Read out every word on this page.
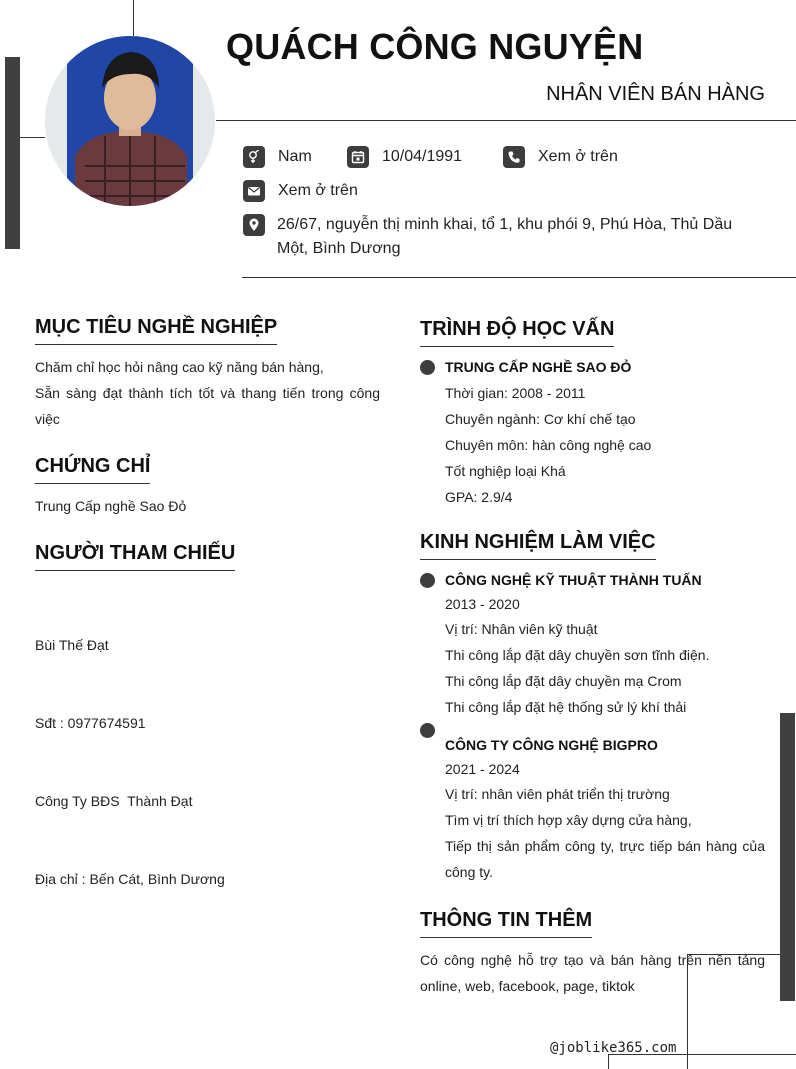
QUÁCH CÔNG NGUYỆN
NHÂN VIÊN BÁN HÀNG
Nam	10/04/1991	Xem ở trên
Xem ở trên
26/67, nguyễn thị minh khai, tổ 1, khu phói 9, Phú Hòa, Thủ Dầu Một, Bình Dương
MỤC TIÊU NGHỀ NGHIỆP
Chăm chỉ học hỏi nâng cao kỹ năng bán hàng,
Sẵn sàng đạt thành tích tốt và thang tiến trong công việc
CHỨNG CHỈ
Trung Cấp nghề Sao Đỏ
NGƯỜI THAM CHIẾU

Bùi Thế Đạt

Sđt : 0977674591

Công Ty BĐS  Thành Đạt

Địa chỉ : Bến Cát, Bình Dương

TRÌNH ĐỘ HỌC VẤN
TRUNG CẤP NGHỀ SAO ĐỎ
Thời gian: 2008 - 2011
Chuyên ngành: Cơ khí chế tạo
Chuyên môn: hàn công nghệ cao
Tốt nghiệp loại Khá
GPA: 2.9/4
KINH NGHIỆM LÀM VIỆC
CÔNG NGHỆ KỸ THUẬT THÀNH TUẤN
2013 - 2020
Vị trí: Nhân viên kỹ thuật
Thi công lắp đặt dây chuyền sơn tĩnh điện.
Thi công lắp đặt dây chuyền mạ Crom
Thi công lắp đặt hệ thống sử lý khí thải
CÔNG TY CÔNG NGHỆ BIGPRO
2021 - 2024
Vị trí: nhân viên phát triển thị trường
Tìm vị trí thích hợp xây dựng cửa hàng,
Tiếp thị sản phẩm công ty, trực tiếp bán hàng của công ty.
THÔNG TIN THÊM
Có công nghệ hỗ trợ tạo và bán hàng trên nền tảng online, web, facebook, page, tiktok
@joblike365.com
